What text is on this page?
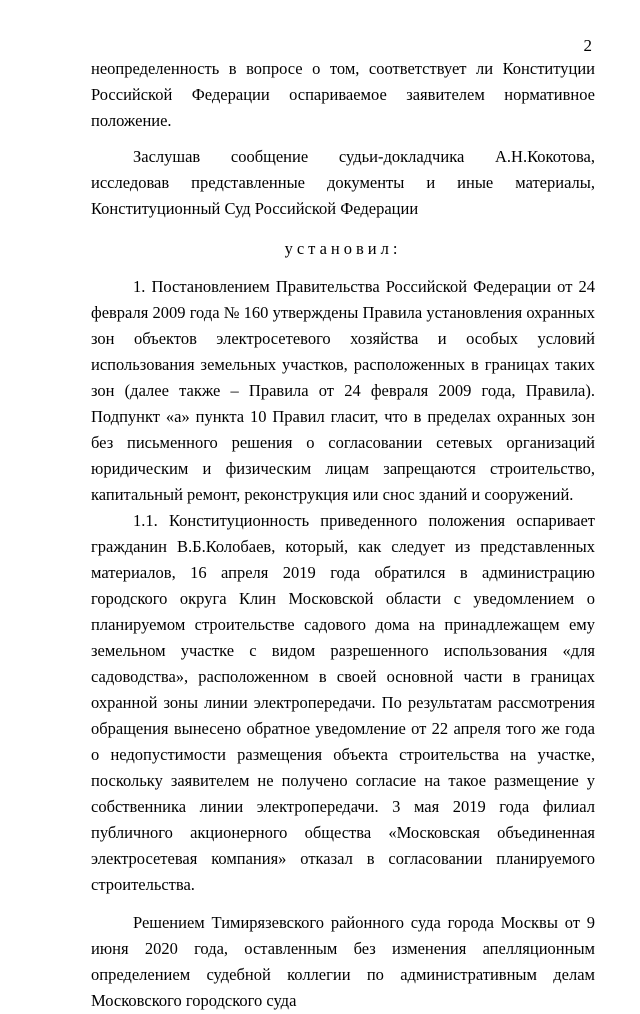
2

неопределенность в вопросе о том, соответствует ли Конституции Российской Федерации оспариваемое заявителем нормативное положение.

Заслушав сообщение судьи-докладчика А.Н.Кокотова, исследовав представленные документы и иные материалы, Конституционный Суд Российской Федерации

установил:

1. Постановлением Правительства Российской Федерации от 24 февраля 2009 года № 160 утверждены Правила установления охранных зон объектов электросетевого хозяйства и особых условий использования земельных участков, расположенных в границах таких зон (далее также – Правила от 24 февраля 2009 года, Правила). Подпункт «а» пункта 10 Правил гласит, что в пределах охранных зон без письменного решения о согласовании сетевых организаций юридическим и физическим лицам запрещаются строительство, капитальный ремонт, реконструкция или снос зданий и сооружений.

1.1. Конституционность приведенного положения оспаривает гражданин В.Б.Колобаев, который, как следует из представленных материалов, 16 апреля 2019 года обратился в администрацию городского округа Клин Московской области с уведомлением о планируемом строительстве садового дома на принадлежащем ему земельном участке с видом разрешенного использования «для садоводства», расположенном в своей основной части в границах охранной зоны линии электропередачи. По результатам рассмотрения обращения вынесено обратное уведомление от 22 апреля того же года о недопустимости размещения объекта строительства на участке, поскольку заявителем не получено согласие на такое размещение у собственника линии электропередачи. 3 мая 2019 года филиал публичного акционерного общества «Московская объединенная электросетевая компания» отказал в согласовании планируемого строительства.

Решением Тимирязевского районного суда города Москвы от 9 июня 2020 года, оставленным без изменения апелляционным определением судебной коллегии по административным делам Московского городского суда
